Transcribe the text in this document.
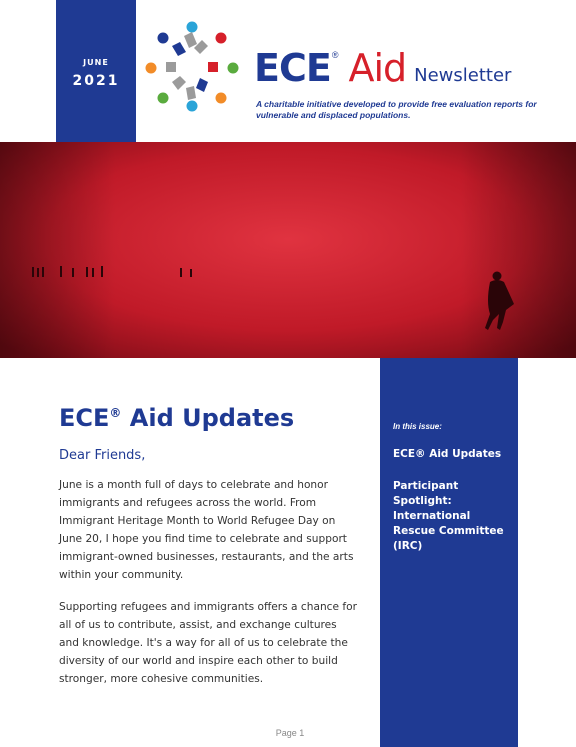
JUNE
2021	ECE® Aid Newsletter
A charitable initiative developed to provide free evaluation reports for vulnerable and displaced populations.
ECE® Aid Updates
Dear Friends,
June is a month full of days to celebrate and honor immigrants and refugees across the world. From Immigrant Heritage Month to World Refugee Day on June 20, I hope you find time to celebrate and support immigrant-owned businesses, restaurants, and the arts within your community.
Supporting refugees and immigrants offers a chance for all of us to contribute, assist, and exchange cultures and knowledge. It's a way for all of us to celebrate the diversity of our world and inspire each other to build stronger, more cohesive communities.
Page 1
In this issue:
ECE® Aid Updates
Participant Spotlight: International Rescue Committee (IRC)
